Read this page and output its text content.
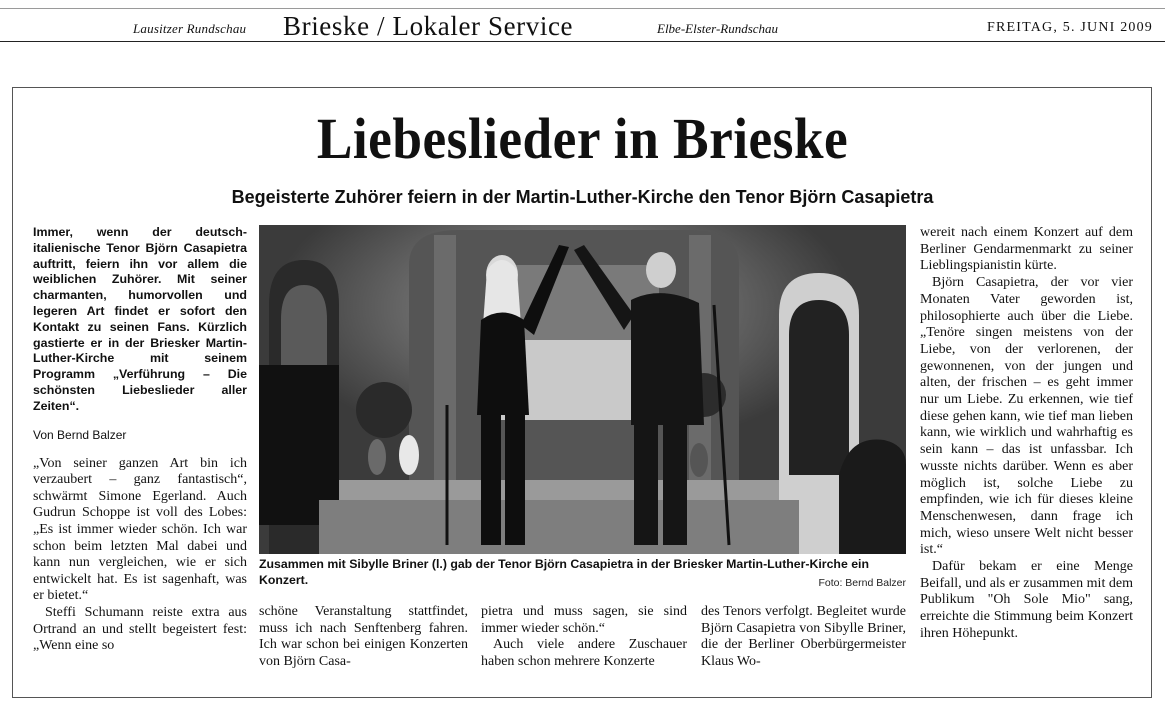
Lausitzer Rundschau Brieske / Lokaler Service	Elbe-Elster-Rundschau	FREITAG, 5. JUNI 2009
Liebeslieder in Brieske
Begeisterte Zuhörer feiern in der Martin-Luther-Kirche den Tenor Björn Casapietra

Immer, wenn der deutsch-italienische Tenor Björn Casapietra auftritt, feiern ihn vor allem die weiblichen Zuhörer. Mit seiner charmanten, humorvollen und legeren Art findet er sofort den Kontakt zu seinen Fans. Kürzlich gastierte er in der Briesker Martin-Luther-Kirche mit seinem Programm „Verführung – Die schönsten Liebeslieder aller Zeiten“.

Von Bernd Balzer

„Von seiner ganzen Art bin ich verzaubert – ganz fantastisch“, schwärmt Simone Egerland. Auch Gudrun Schoppe ist voll des Lobes: „Es ist immer wieder schön. Ich war schon beim letzten Mal dabei und kann nun vergleichen, wie er sich entwickelt hat. Es ist sagenhaft, was er bietet.“

Steffi Schumann reiste extra aus Ortrand an und stellt begeistert fest: „Wenn eine so

Zusammen mit Sibylle Briner (l.) gab der Tenor Björn Casapietra in der Briesker Martin-Luther-Kirche ein Konzert.	Foto: Bernd Balzer

schöne Veranstaltung stattfindet, muss ich nach Senftenberg fahren. Ich war schon bei einigen Konzerten von Björn Casa-

pietra und muss sagen, sie sind immer wieder schön.“

Auch viele andere Zuschauer haben schon mehrere Konzerte

des Tenors verfolgt. Begleitet wurde Björn Casapietra von Sibylle Briner, die der Berliner Oberbürgermeister Klaus Wo-

wereit nach einem Konzert auf dem Berliner Gendarmenmarkt zu seiner Lieblingspianistin kürte.

Björn Casapietra, der vor vier Monaten Vater geworden ist, philosophierte auch über die Liebe. „Tenöre singen meistens von der Liebe, von der verlorenen, der gewonnenen, von der jungen und alten, der frischen – es geht immer nur um Liebe. Zu erkennen, wie tief diese gehen kann, wie tief man lieben kann, wie wirklich und wahrhaftig es sein kann – das ist unfassbar. Ich wusste nichts darüber. Wenn es aber möglich ist, solche Liebe zu empfinden, wie ich für dieses kleine Menschenwesen, dann frage ich mich, wieso unsere Welt nicht besser ist.“

Dafür bekam er eine Menge Beifall, und als er zusammen mit dem Publikum "Oh Sole Mio" sang, erreichte die Stimmung beim Konzert ihren Höhepunkt.
